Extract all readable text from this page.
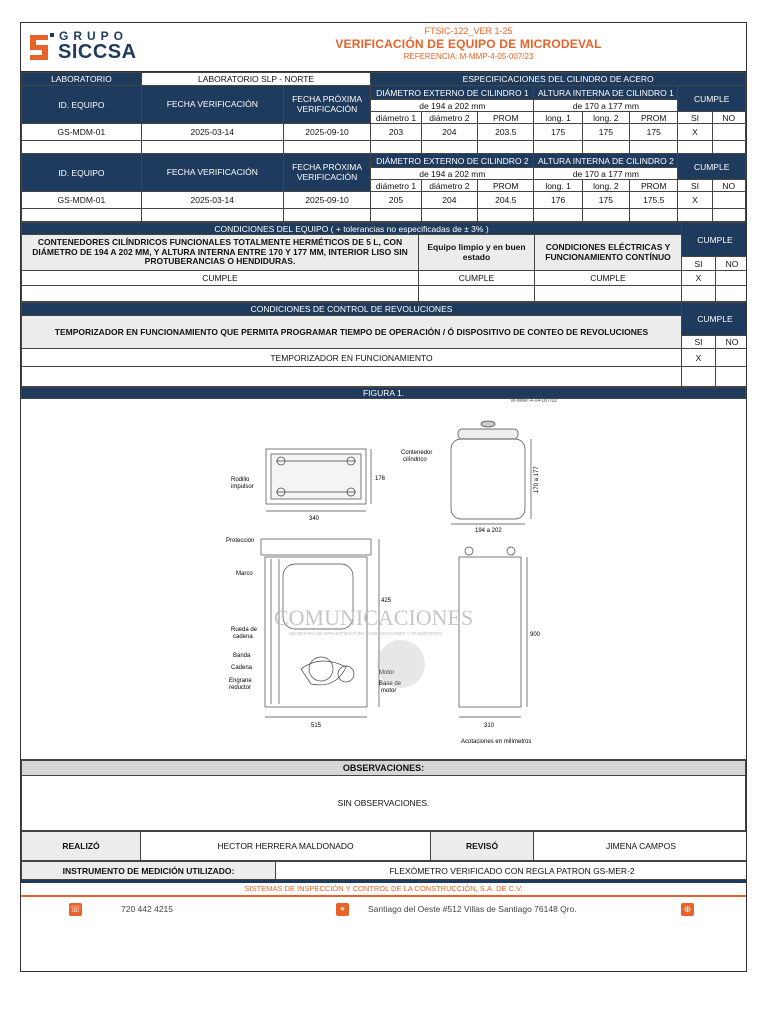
GRUPO
SICCSA
FTSIC-122_VER 1-25
VERIFICACIÓN DE EQUIPO DE MICRODEVAL
REFERENCIA: M-MMP-4-05-007/23
LABORATORIO	LABORATORIO SLP - NORTE		ESPECIFICACIONES DEL CILINDRO DE ACERO							
ID. EQUIPO	FECHA VERIFICACIÓN	FECHA PRÓXIMA VERIFICACIÓN	DIÁMETRO EXTERNO DE CILINDRO 1			ALTURA INTERNA DE CILINDRO 1			CUMPLE	
			de 194 a 202 mm			de 170 a 177 mm				
			diámetro 1	diámetro 2	PROM	long. 1	long. 2	PROM	SI	NO
GS-MDM-01	2025-03-14	2025-09-10	203	204	203.5	175	175	175	X	

ID. EQUIPO	FECHA VERIFICACIÓN	FECHA PRÓXIMA VERIFICACIÓN	DIÁMETRO EXTERNO DE CILINDRO 2			ALTURA INTERNA DE CILINDRO 2			CUMPLE	
			de 194 a 202 mm			de 170 a 177 mm				
			diámetro 1	diámetro 2	PROM	long. 1	long. 2	PROM	SI	NO
GS-MDM-01	2025-03-14	2025-09-10	205	204	204.5	176	175	175.5	X	

CONDICIONES DEL EQUIPO ( + tolerancias no especificadas de ± 3% )			CUMPLE	
CONTENEDORES CILÍNDRICOS FUNCIONALES TOTALMENTE HERMÉTICOS DE 5 L, CON DIÁMETRO DE 194 A 202 MM, Y ALTURA INTERNA ENTRE 170 Y 177 MM, INTERIOR LISO SIN PROTUBERANCIAS O HENDIDURAS.	Equipo limpio y en buen estado	CONDICIONES ELÉCTRICAS Y FUNCIONAMIENTO CONTÍNUO		
			SI	NO
CUMPLE	CUMPLE	CUMPLE	X	

CONDICIONES DE CONTROL DE REVOLUCIONES	CUMPLE	
TEMPORIZADOR EN FUNCIONAMIENTO QUE PERMITA PROGRAMAR TIEMPO DE OPERACIÓN / Ó DISPOSITIVO DE CONTEO DE REVOLUCIONES		
	SI	NO
TEMPORIZADOR EN FUNCIONAMIENTO	X	

FIGURA 1.
M-MMP-4-04-007/02
Rodillo
impulsor
340
176
Contenedor
cilíndrico
194 a 202
170 a 177
Protección
Marco
Rueda de
cadena
Banda
Cadena
Engrane
reductor
Motor
Base de
motor
425
515
900
310
Acotaciones en milímetros
COMUNICACIONES
SECRETARÍA DE INFRAESTRUCTURA, COMUNICACIONES Y TRANSPORTES
OBSERVACIONES:
SIN OBSERVACIONES.
REALIZÓ	HECTOR HERRERA MALDONADO	REVISÓ	JIMENA CAMPOS
INSTRUMENTO DE MEDICIÓN UTILIZADO:	FLEXÓMETRO VERIFICADO CON REGLA PATRON GS-MER-2
SISTEMAS DE INSPECCIÓN Y CONTROL DE LA CONSTRUCCIÓN, S.A. DE C.V.
☏	720 442 4215	⌖	Santiago del Oeste #512 Villas de Santiago 76148 Qro.	⊕
